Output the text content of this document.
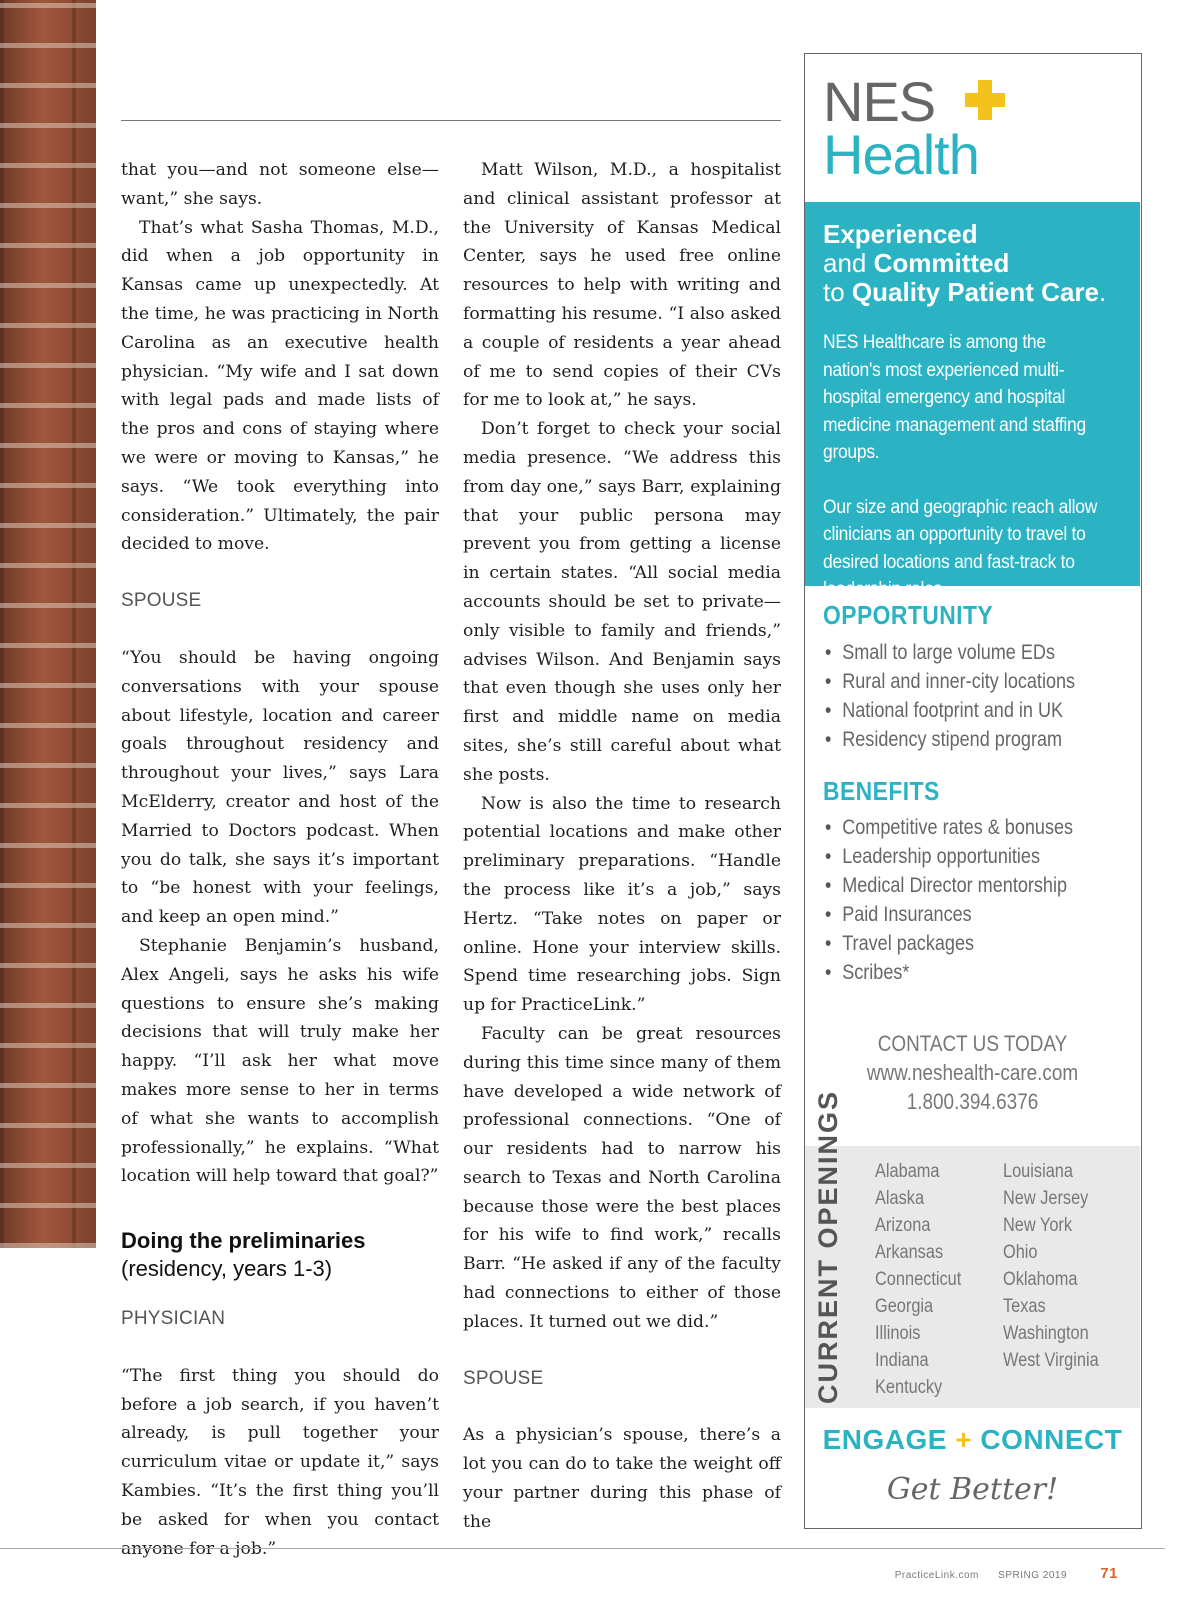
that you—and not someone else—want,” she says.

That’s what Sasha Thomas, M.D., did when a job opportunity in Kansas came up unexpectedly. At the time, he was practicing in North Carolina as an executive health physician. “My wife and I sat down with legal pads and made lists of the pros and cons of staying where we were or moving to Kansas,” he says. “We took everything into consideration.” Ultimately, the pair decided to move.

SPOUSE

“You should be having ongoing conversations with your spouse about lifestyle, location and career goals throughout residency and throughout your lives,” says Lara McElderry, creator and host of the Married to Doctors podcast. When you do talk, she says it’s important to “be honest with your feelings, and keep an open mind.”

Stephanie Benjamin’s husband, Alex Angeli, says he asks his wife questions to ensure she’s making decisions that will truly make her happy. “I’ll ask her what move makes more sense to her in terms of what she wants to accomplish professionally,” he explains. “What location will help toward that goal?”

Doing the preliminaries

(residency, years 1-3)

PHYSICIAN

“The first thing you should do before a job search, if you haven’t already, is pull together your curriculum vitae or update it,” says Kambies. “It’s the first thing you’ll be asked for when you contact anyone for a job.”

Matt Wilson, M.D., a hospitalist and clinical assistant professor at the University of Kansas Medical Center, says he used free online resources to help with writing and formatting his resume. “I also asked a couple of residents a year ahead of me to send copies of their CVs for me to look at,” he says.

Don’t forget to check your social media presence. “We address this from day one,” says Barr, explaining that your public persona may prevent you from getting a license in certain states. “All social media accounts should be set to private—only visible to family and friends,” advises Wilson. And Benjamin says that even though she uses only her first and middle name on media sites, she’s still careful about what she posts.

Now is also the time to research potential locations and make other preliminary preparations. “Handle the process like it’s a job,” says Hertz. “Take notes on paper or online. Hone your interview skills. Spend time researching jobs. Sign up for PracticeLink.”

Faculty can be great resources during this time since many of them have developed a wide network of professional connections. “One of our residents had to narrow his search to Texas and North Carolina because those were the best places for his wife to find work,” recalls Barr. “He asked if any of the faculty had connections to either of those places. It turned out we did.”

SPOUSE

As a physician’s spouse, there’s a lot you can do to take the weight off your partner during this phase of the

NES
Health
Experienced
and Committed
to Quality Patient Care.

NES Healthcare is among the nation's most experienced multi-hospital emergency and hospital medicine management and staffing groups.

Our size and geographic reach allow clinicians an opportunity to travel to desired locations and fast-track to leadership roles.

OPPORTUNITY
• Small to large volume EDs
• Rural and inner-city locations
• National footprint and in UK
• Residency stipend program
BENEFITS
• Competitive rates & bonuses
• Leadership opportunities
• Medical Director mentorship
• Paid Insurances
• Travel packages
• Scribes*
CONTACT US TODAY
www.neshealth-care.com
1.800.394.6376
CURRENT OPENINGS Alabama
Alaska
Arizona
Arkansas
Connecticut
Georgia
Illinois
Indiana
Kentucky
Louisiana
New Jersey
New York
Ohio
Oklahoma
Texas
Washington
West Virginia
ENGAGE + CONNECT
Get Better!
PracticeLink.com SPRING 2019 71
